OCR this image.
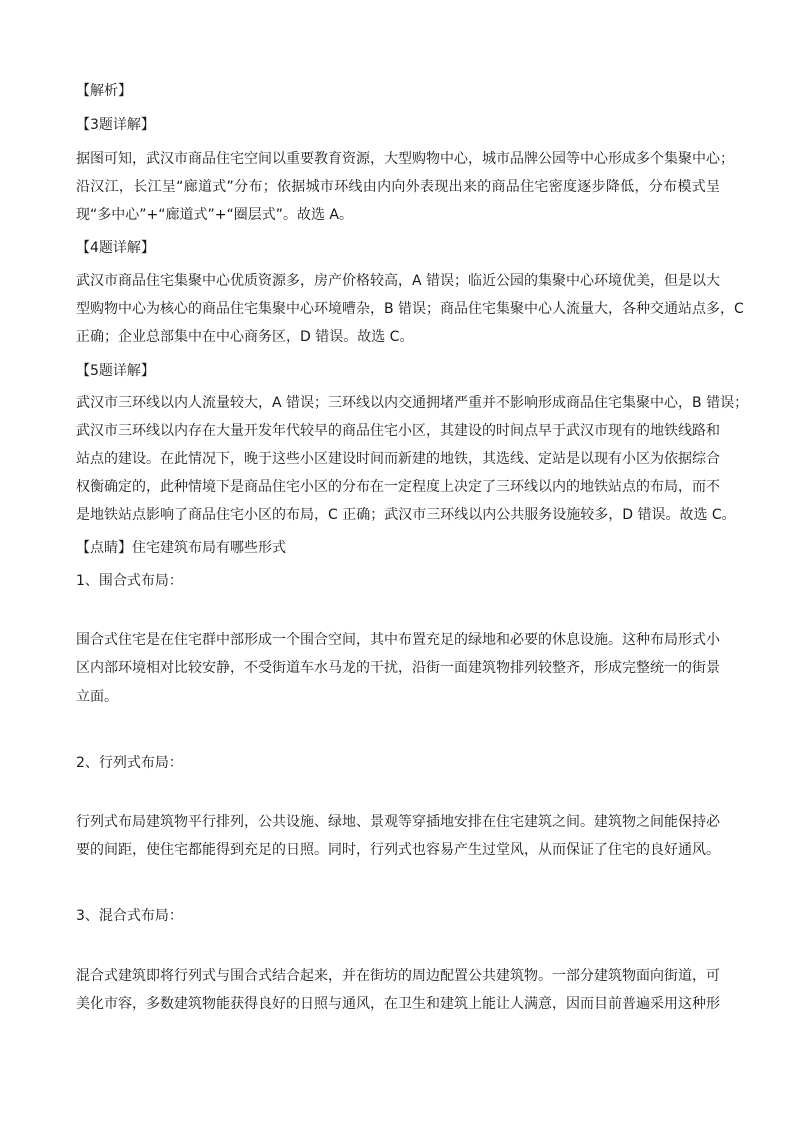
【解析】
【3题详解】
据图可知，武汉市商品住宅空间以重要教育资源，大型购物中心，城市品牌公园等中心形成多个集聚中心；
沿汉江，长江呈“廊道式”分布；依据城市环线由内向外表现出来的商品住宅密度逐步降低，分布模式呈
现“多中心”+“廊道式”+“圈层式”。故选 A。
【4题详解】
武汉市商品住宅集聚中心优质资源多，房产价格较高，A 错误；临近公园的集聚中心环境优美，但是以大
型购物中心为核心的商品住宅集聚中心环境嘈杂，B 错误；商品住宅集聚中心人流量大，各种交通站点多，C
正确；企业总部集中在中心商务区，D 错误。故选 C。
【5题详解】
武汉市三环线以内人流量较大，A 错误；三环线以内交通拥堵严重并不影响形成商品住宅集聚中心，B 错误；
武汉市三环线以内存在大量开发年代较早的商品住宅小区，其建设的时间点早于武汉市现有的地铁线路和
站点的建设。在此情况下，晚于这些小区建设时间而新建的地铁，其选线、定站是以现有小区为依据综合
权衡确定的，此种情境下是商品住宅小区的分布在一定程度上决定了三环线以内的地铁站点的布局，而不
是地铁站点影响了商品住宅小区的布局，C 正确；武汉市三环线以内公共服务设施较多，D 错误。故选 C。
【点睛】住宅建筑布局有哪些形式
1、围合式布局：
围合式住宅是在住宅群中部形成一个围合空间，其中布置充足的绿地和必要的休息设施。这种布局形式小
区内部环境相对比较安静，不受街道车水马龙的干扰，沿街一面建筑物排列较整齐，形成完整统一的街景
立面。
2、行列式布局：
行列式布局建筑物平行排列，公共设施、绿地、景观等穿插地安排在住宅建筑之间。建筑物之间能保持必
要的间距，使住宅都能得到充足的日照。同时，行列式也容易产生过堂风，从而保证了住宅的良好通风。
3、混合式布局：
混合式建筑即将行列式与围合式结合起来，并在街坊的周边配置公共建筑物。一部分建筑物面向街道，可
美化市容，多数建筑物能获得良好的日照与通风，在卫生和建筑上能让人满意，因而目前普遍采用这种形
